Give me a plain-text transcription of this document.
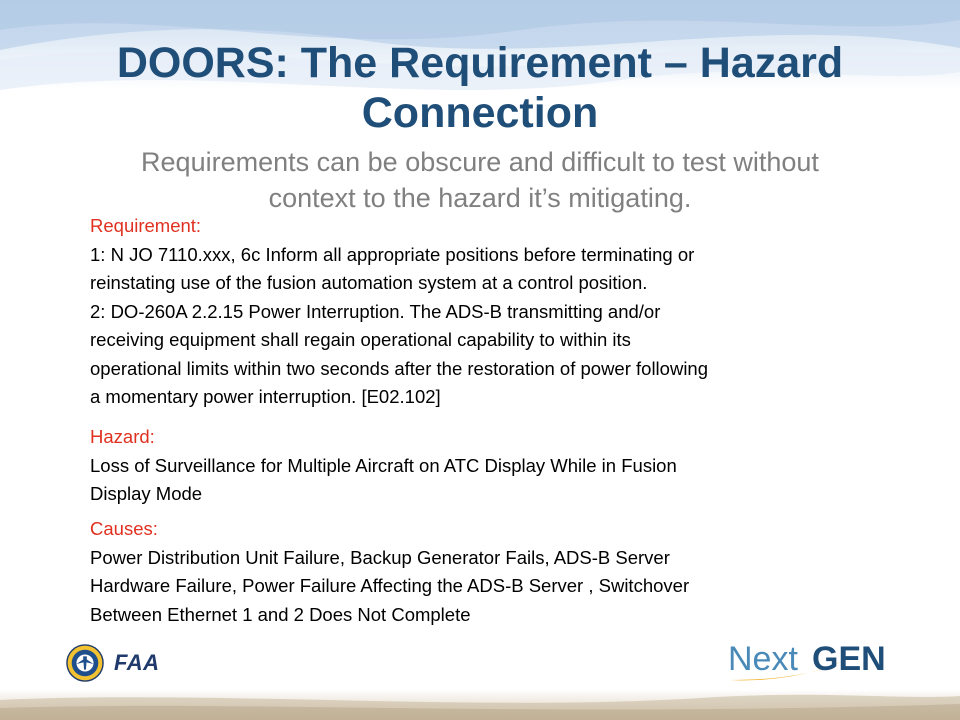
DOORS: The Requirement – Hazard
Connection

Requirements can be obscure and difficult to test without
context to the hazard it’s mitigating.

Requirement:
1: N JO 7110.xxx, 6c Inform all appropriate positions before terminating or
reinstating use of the fusion automation system at a control position.
2: DO-260A 2.2.15 Power Interruption. The ADS-B transmitting and/or
receiving equipment shall regain operational capability to within its
operational limits within two seconds after the restoration of power following
a momentary power interruption. [E02.102]
Hazard:
Loss of Surveillance for Multiple Aircraft on ATC Display While in Fusion
Display Mode
Causes:
Power Distribution Unit Failure, Backup Generator Fails, ADS-B Server
Hardware Failure, Power Failure Affecting the ADS-B Server , Switchover
Between Ethernet 1 and 2 Does Not Complete
FAA	Next GEN
